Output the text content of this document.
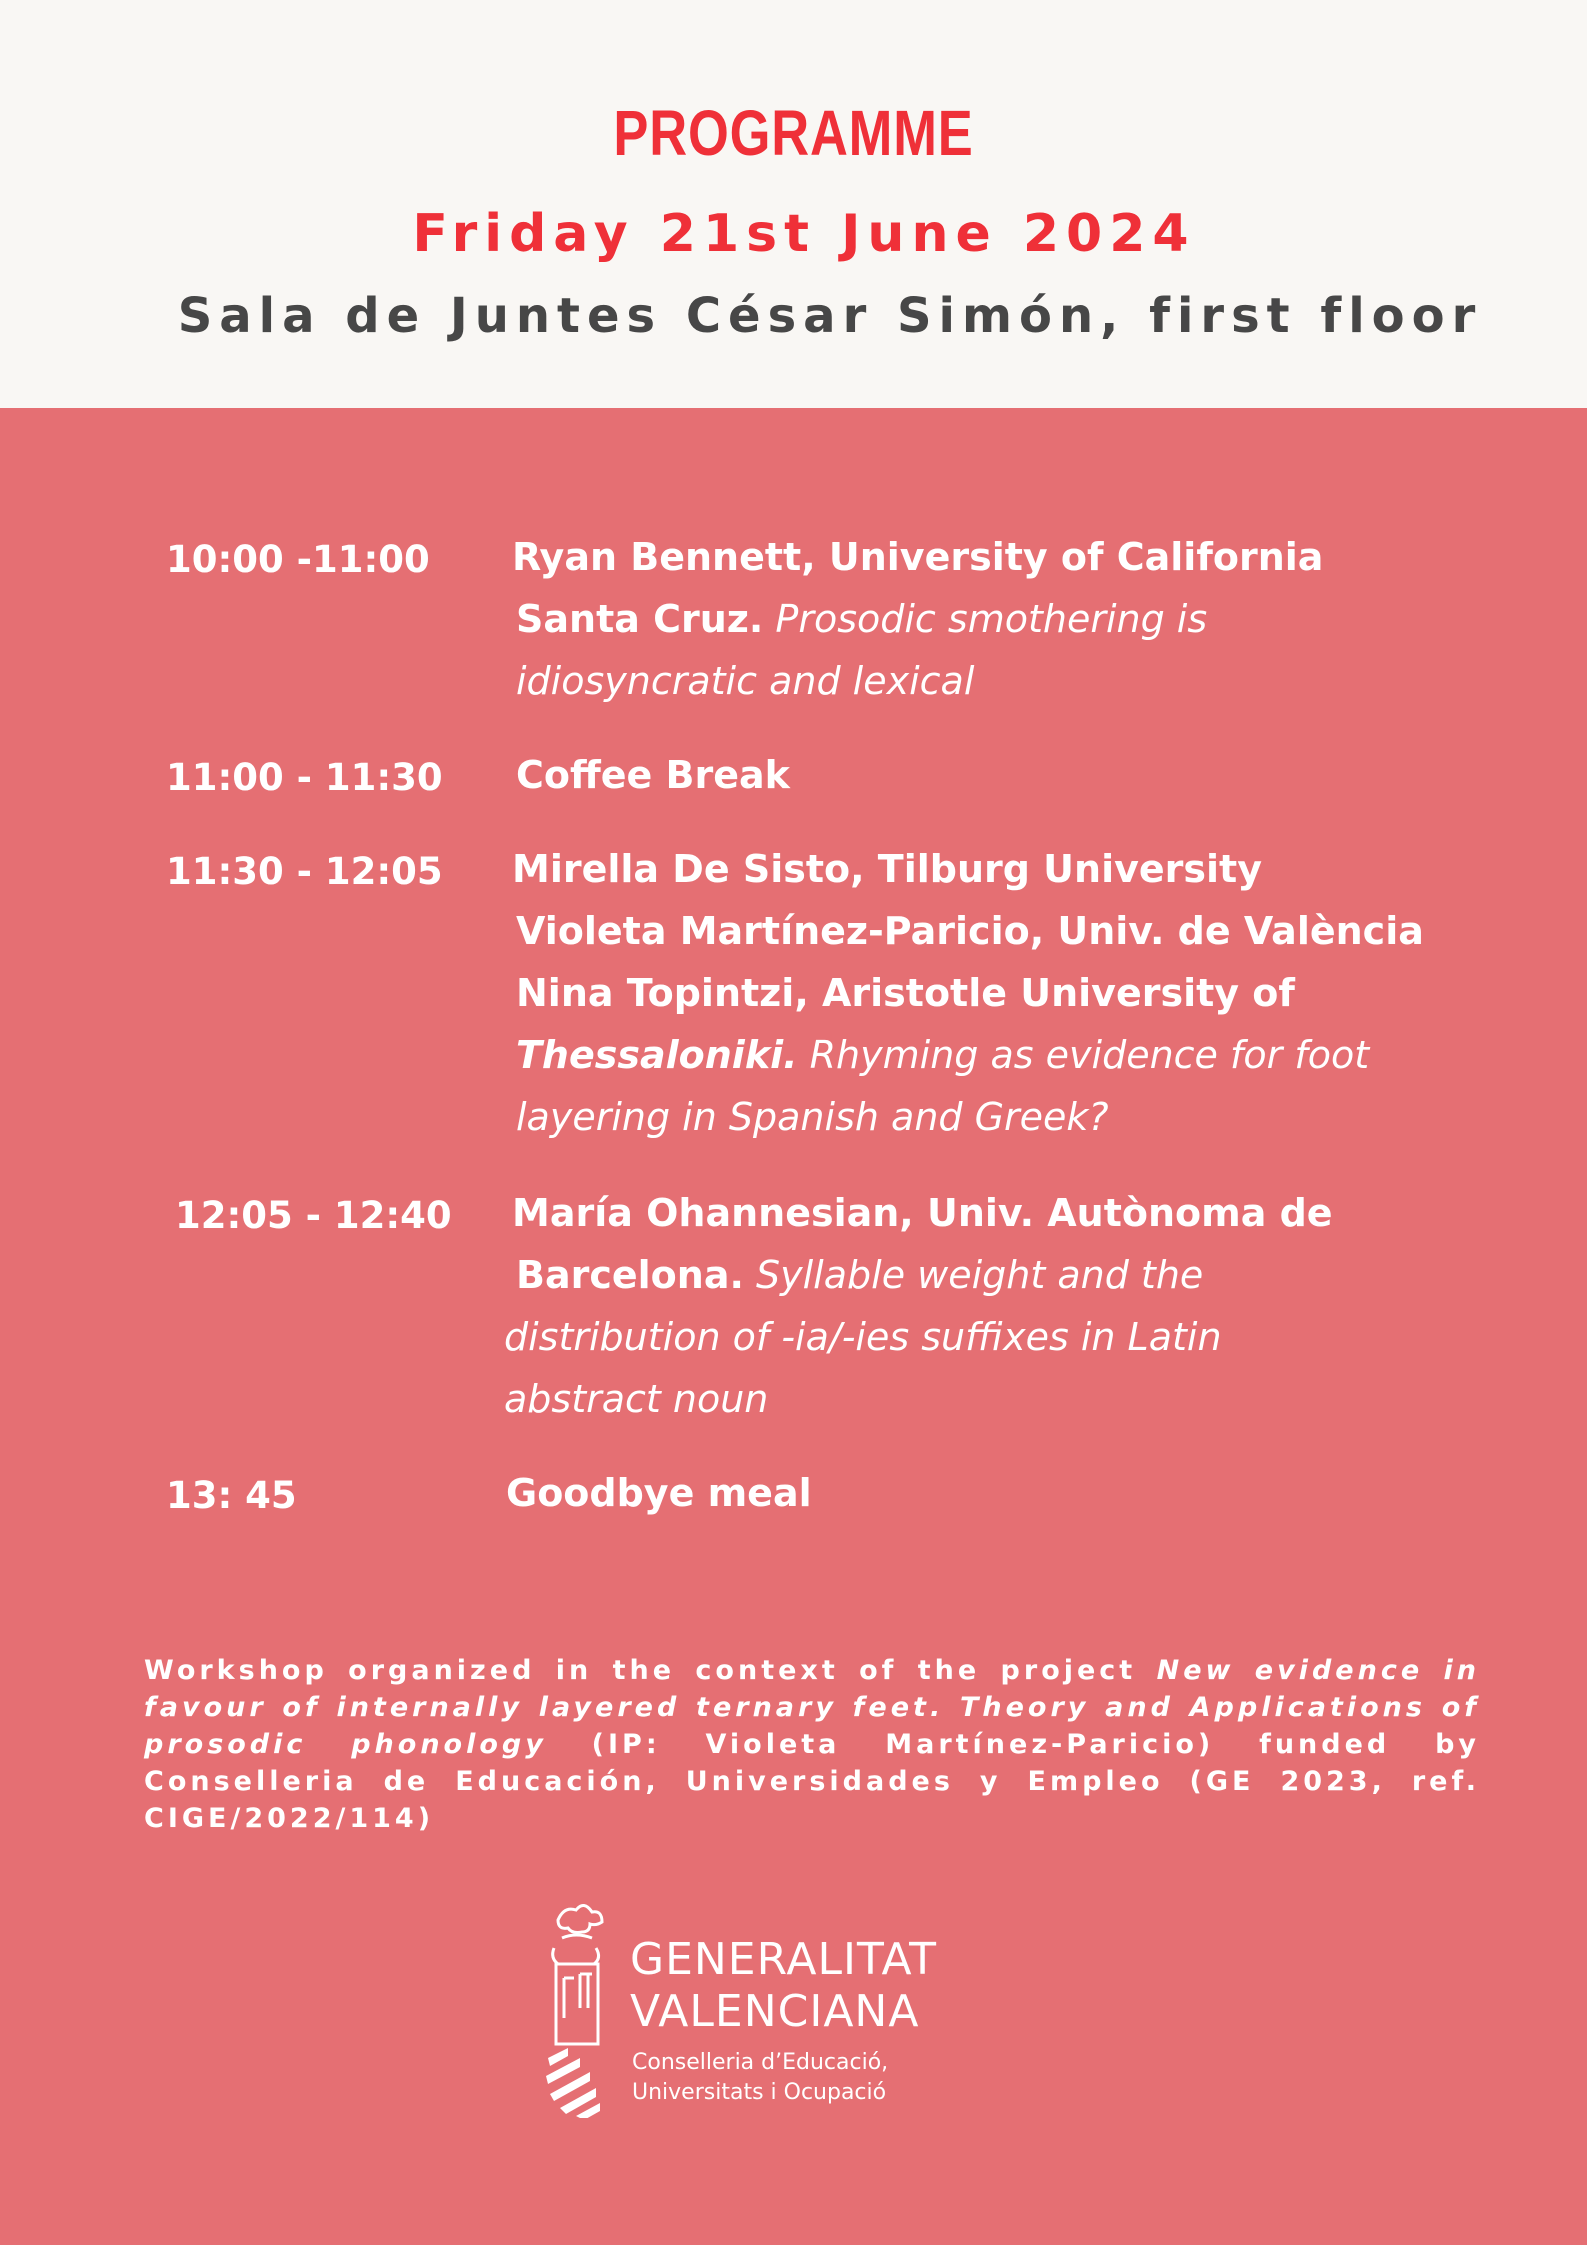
PROGRAMME
Friday 21st June 2024
Sala de Juntes César Simón, first floor
10:00 -11:00 Ryan Bennett, University of California
Santa Cruz. Prosodic smothering is
idiosyncratic and lexical
11:00 - 11:30 Coffee Break
11:30 - 12:05 Mirella De Sisto, Tilburg University
Violeta Martínez-Paricio, Univ. de València
Nina Topintzi, Aristotle University of
Thessaloniki. Rhyming as evidence for foot
layering in Spanish and Greek?
12:05 - 12:40 María Ohannesian, Univ. Autònoma de
Barcelona. Syllable weight and the
distribution of -ia/-ies suffixes in Latin
abstract noun
13: 45	Goodbye meal
Workshop organized in the context of the project New evidence in favour of internally layered ternary feet. Theory and Applications of prosodic phonology (IP: Violeta Martínez-Paricio) funded by Conselleria de Educación, Universidades y Empleo (GE 2023, ref. CIGE/2022/114)
GENERALITAT
VALENCIANA
Conselleria d’Educació,
Universitats i Ocupació
